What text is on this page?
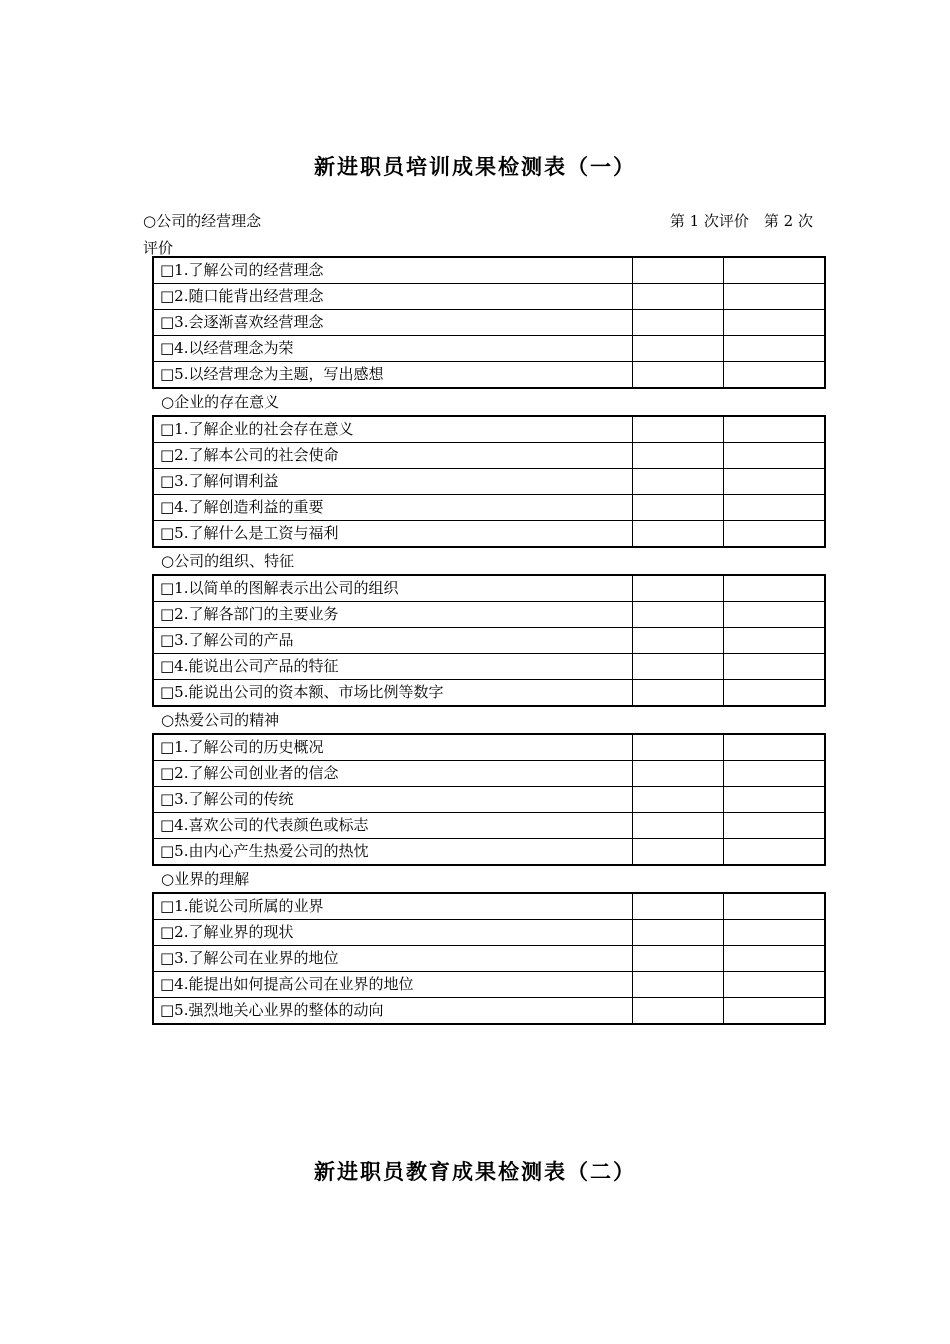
新进职员培训成果检测表（一）
○公司的经营理念	第 1 次评价　第 2 次
评价
□1.了解公司的经营理念		
□2.随口能背出经营理念		
□3.会逐渐喜欢经营理念		
□4.以经营理念为荣		
□5.以经营理念为主题，写出感想		
○企业的存在意义
□1.了解企业的社会存在意义		
□2.了解本公司的社会使命		
□3.了解何谓利益		
□4.了解创造利益的重要		
□5.了解什么是工资与福利		
○公司的组织、特征
□1.以简单的图解表示出公司的组织		
□2.了解各部门的主要业务		
□3.了解公司的产品		
□4.能说出公司产品的特征		
□5.能说出公司的资本额、市场比例等数字		
○热爱公司的精神
□1.了解公司的历史概况		
□2.了解公司创业者的信念		
□3.了解公司的传统		
□4.喜欢公司的代表颜色或标志		
□5.由内心产生热爱公司的热忱		
○业界的理解
□1.能说公司所属的业界		
□2.了解业界的现状		
□3.了解公司在业界的地位		
□4.能提出如何提高公司在业界的地位		
□5.强烈地关心业界的整体的动向		
新进职员教育成果检测表（二）
